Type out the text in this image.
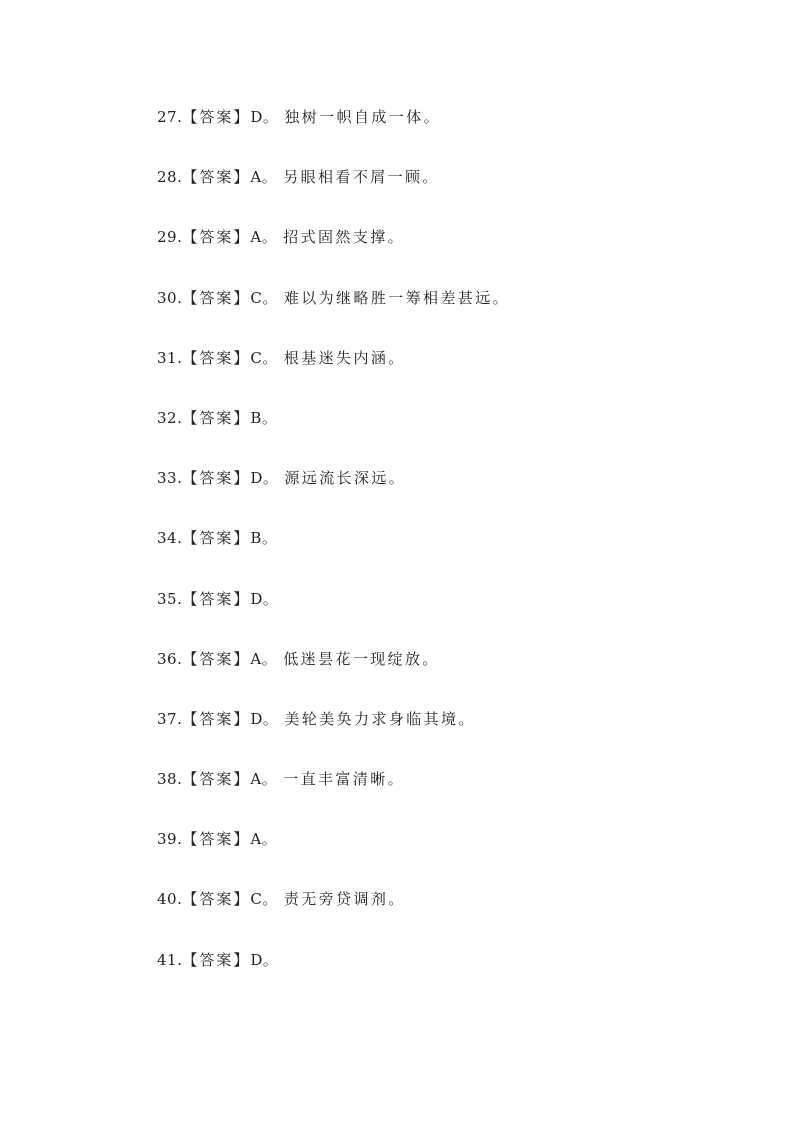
27.【答案】D。 独树一帜自成一体。
28.【答案】A。 另眼相看不屑一顾。
29.【答案】A。 招式固然支撑。
30.【答案】C。 难以为继略胜一筹相差甚远。
31.【答案】C。 根基迷失内涵。
32.【答案】B。
33.【答案】D。 源远流长深远。
34.【答案】B。
35.【答案】D。
36.【答案】A。 低迷昙花一现绽放。
37.【答案】D。 美轮美奂力求身临其境。
38.【答案】A。 一直丰富清晰。
39.【答案】A。
40.【答案】C。 责无旁贷调剂。
41.【答案】D。
